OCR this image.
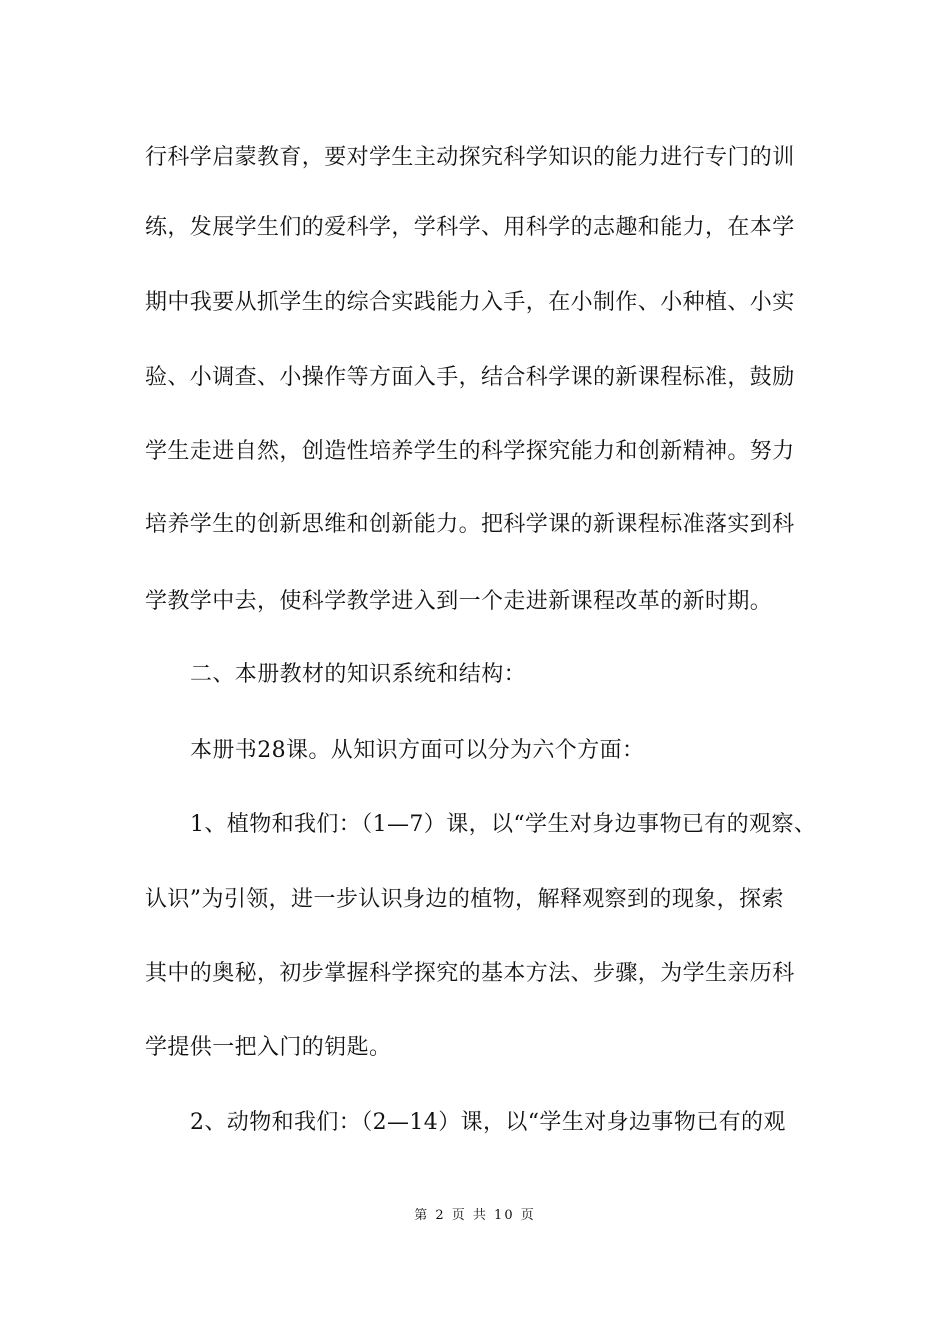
行科学启蒙教育，要对学生主动探究科学知识的能力进行专门的训
练，发展学生们的爱科学，学科学、用科学的志趣和能力，在本学
期中我要从抓学生的综合实践能力入手，在小制作、小种植、小实
验、小调查、小操作等方面入手，结合科学课的新课程标准，鼓励
学生走进自然，创造性培养学生的科学探究能力和创新精神。努力
培养学生的创新思维和创新能力。把科学课的新课程标准落实到科
学教学中去，使科学教学进入到一个走进新课程改革的新时期。
二、本册教材的知识系统和结构：
本册书28课。从知识方面可以分为六个方面：
1、植物和我们：（1—7）课，以“学生对身边事物已有的观察、
认识”为引领，进一步认识身边的植物，解释观察到的现象，探索
其中的奥秘，初步掌握科学探究的基本方法、步骤，为学生亲历科
学提供一把入门的钥匙。
2、动物和我们：（2—14）课，以“学生对身边事物已有的观
第 2 页 共 10 页
